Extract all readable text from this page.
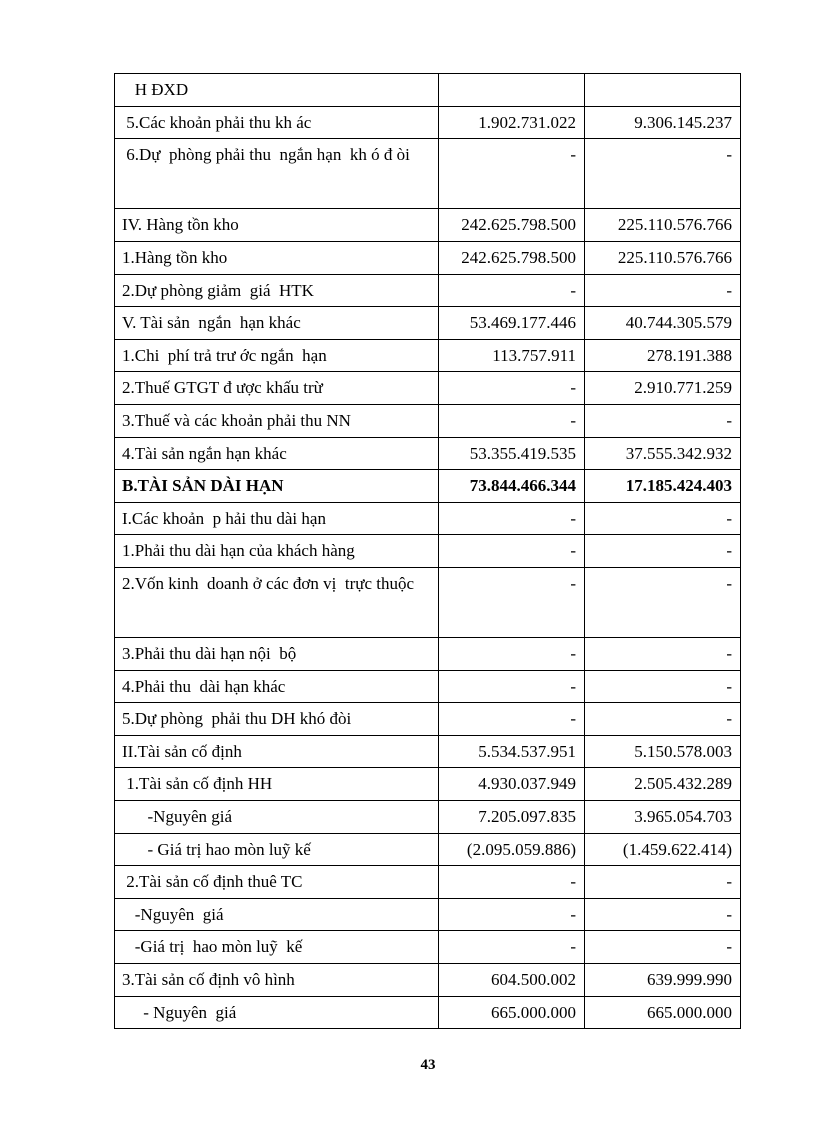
H ĐXD		
5.Các khoản phải thu kh ác	1.902.731.022	9.306.145.237
6.Dự  phòng phải thu  ngắn hạn  kh ó đ òi	-	-
IV. Hàng tồn kho	242.625.798.500	225.110.576.766
1.Hàng tồn kho	242.625.798.500	225.110.576.766
2.Dự phòng giảm  giá  HTK	-	-
V. Tài sản  ngắn  hạn khác	53.469.177.446	40.744.305.579
1.Chi  phí trả trư ớc ngắn  hạn	113.757.911	278.191.388
2.Thuế GTGT đ ược khấu trừ	-	2.910.771.259
3.Thuế và các khoản phải thu NN	-	-
4.Tài sản ngắn hạn khác	53.355.419.535	37.555.342.932
B.TÀI SẢN DÀI HẠN	73.844.466.344	17.185.424.403
I.Các khoản  p hải thu dài hạn	-	-
1.Phải thu dài hạn của khách hàng	-	-
2.Vốn kinh  doanh ở các đơn vị  trực thuộc	-	-
3.Phải thu dài hạn nội  bộ	-	-
4.Phải thu  dài hạn khác	-	-
5.Dự phòng  phải thu DH khó đòi	-	-
II.Tài sản cố định	5.534.537.951	5.150.578.003
1.Tài sản cố định HH	4.930.037.949	2.505.432.289
-Nguyên giá	7.205.097.835	3.965.054.703
- Giá trị hao mòn luỹ kế	(2.095.059.886)	(1.459.622.414)
2.Tài sản cố định thuê TC	-	-
-Nguyên  giá	-	-
-Giá trị  hao mòn luỹ  kế	-	-
3.Tài sản cố định vô hình	604.500.002	639.999.990
- Nguyên  giá	665.000.000	665.000.000
43
